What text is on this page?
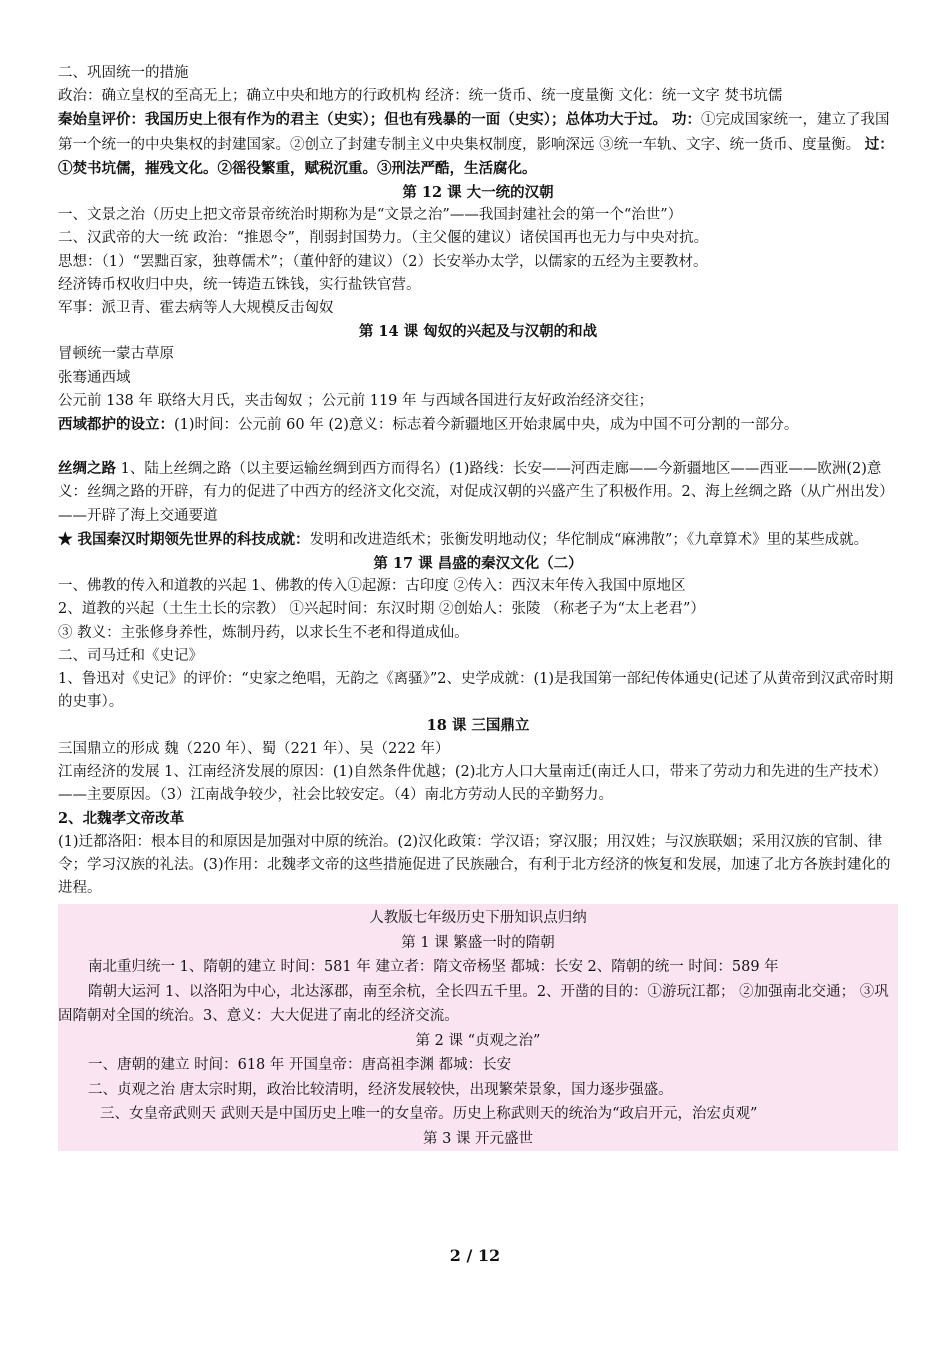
二、巩固统一的措施
政治：确立皇权的至高无上；确立中央和地方的行政机构 经济：统一货币、统一度量衡 文化：统一文字 焚书坑儒
秦始皇评价：我国历史上很有作为的君主（史实）；但也有残暴的一面（史实）；总体功大于过。 功：①完成国家统一，建立了我国第一个统一的中央集权的封建国家。②创立了封建专制主义中央集权制度，影响深远 ③统一车轨、文字、统一货币、度量衡。 过：①焚书坑儒，摧残文化。②徭役繁重，赋税沉重。③刑法严酷，生活腐化。
第 12 课 大一统的汉朝
一、文景之治（历史上把文帝景帝统治时期称为是“文景之治”——我国封建社会的第一个“治世”）
二、汉武帝的大一统 政治：“推恩令”，削弱封国势力。（主父偃的建议）诸侯国再也无力与中央对抗。
思想：（1）“罢黜百家，独尊儒术”；（董仲舒的建议）（2）长安举办太学，以儒家的五经为主要教材。
经济铸币权收归中央，统一铸造五铢钱，实行盐铁官营。
军事：派卫青、霍去病等人大规模反击匈奴
第 14 课 匈奴的兴起及与汉朝的和战
冒顿统一蒙古草原
张骞通西域
公元前 138 年 联络大月氏，夹击匈奴 ；公元前 119 年 与西域各国进行友好政治经济交往；
西域都护的设立：(1)时间：公元前 60 年 (2)意义：标志着今新疆地区开始隶属中央，成为中国不可分割的一部分。
丝绸之路 1、陆上丝绸之路（以主要运输丝绸到西方而得名）(1)路线：长安——河西走廊——今新疆地区——西亚——欧洲(2)意义：丝绸之路的开辟，有力的促进了中西方的经济文化交流，对促成汉朝的兴盛产生了积极作用。2、海上丝绸之路（从广州出发）——开辟了海上交通要道
★ 我国秦汉时期领先世界的科技成就：发明和改进造纸术；张衡发明地动仪；华佗制成“麻沸散”；《九章算术》里的某些成就。
第 17 课 昌盛的秦汉文化（二）
一、佛教的传入和道教的兴起 1、佛教的传入①起源：古印度 ②传入：西汉末年传入我国中原地区
2、道教的兴起（土生土长的宗教） ①兴起时间：东汉时期 ②创始人：张陵 （称老子为“太上老君”）
③ 教义：主张修身养性，炼制丹药，以求长生不老和得道成仙。
二、司马迁和《史记》
1、鲁迅对《史记》的评价：“史家之绝唱，无韵之《离骚》”2、史学成就：(1)是我国第一部纪传体通史(记述了从黄帝到汉武帝时期的史事）。
18 课 三国鼎立
三国鼎立的形成 魏（220 年）、蜀（221 年）、吴（222 年）
江南经济的发展 1、江南经济发展的原因：(1)自然条件优越；(2)北方人口大量南迁(南迁人口，带来了劳动力和先进的生产技术）——主要原因。（3）江南战争较少，社会比较安定。（4）南北方劳动人民的辛勤努力。
2、北魏孝文帝改革
(1)迁都洛阳：根本目的和原因是加强对中原的统治。(2)汉化政策：学汉语；穿汉服；用汉姓；与汉族联姻；采用汉族的官制、律令；学习汉族的礼法。(3)作用：北魏孝文帝的这些措施促进了民族融合，有利于北方经济的恢复和发展，加速了北方各族封建化的进程。
人教版七年级历史下册知识点归纳
第 1 课 繁盛一时的隋朝
南北重归统一 1、隋朝的建立 时间：581 年 建立者：隋文帝杨坚 都城：长安 2、隋朝的统一 时间：589 年
隋朝大运河 1、以洛阳为中心，北达涿郡，南至余杭，全长四五千里。2、开凿的目的：①游玩江都； ②加强南北交通； ③巩固隋朝对全国的统治。3、意义：大大促进了南北的经济交流。
第 2 课 “贞观之治”
一、唐朝的建立 时间：618 年 开国皇帝：唐高祖李渊 都城：长安
二、贞观之治 唐太宗时期，政治比较清明，经济发展较快，出现繁荣景象，国力逐步强盛。
三、女皇帝武则天 武则天是中国历史上唯一的女皇帝。历史上称武则天的统治为“政启开元，治宏贞观”
第 3 课 开元盛世
2 / 12
